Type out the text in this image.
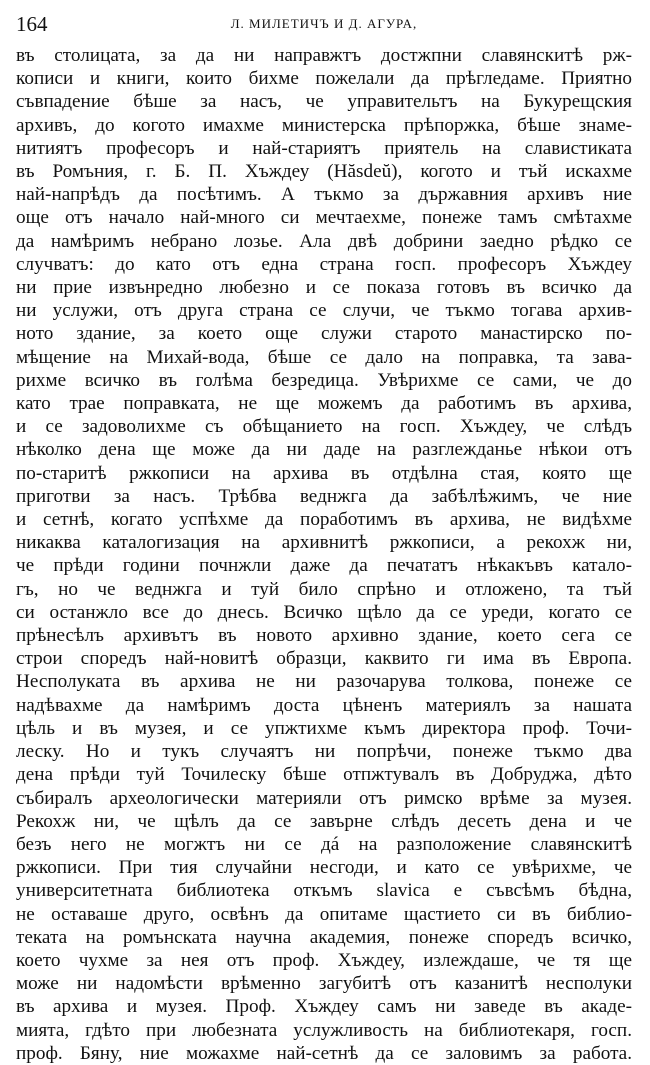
164	Л. МИЛЕТИЧЪ И Д. АГУРА,
въ столицата, за да ни направжтъ достжпни славянскитѣ рж-
кописи и книги, които бихме пожелали да прѣгледаме. Приятно
съвпадение бѣше за насъ, че управительтъ на Букурещския
архивъ, до когото имахме министерска прѣпоржка, бѣше знаме-
нитиятъ професоръ и най-стариятъ приятель на славистиката
въ Ромъния, г. Б. П. Хъждеу (Hăsdeŭ), когото и тъй искахме
най-напрѣдъ да посѣтимъ. А тъкмо за държавния архивъ ние
още отъ начало най-много си мечтаехме, понеже тамъ смѣтахме
да намѣримъ небрано лозье. Ала двѣ добрини заедно рѣдко се
случватъ: до като отъ една страна госп. професоръ Хъждеу
ни прие извънредно любезно и се показа готовъ въ всичко да
ни услужи, отъ друга страна се случи, че тъкмо тогава архив-
ното здание, за което още служи старото манастирско по-
мѣщение на Михай-вода, бѣше се дало на поправка, та зава-
рихме всичко въ голѣма безредица. Увѣрихме се сами, че до
като трае поправката, не ще можемъ да работимъ въ архива,
и се задоволихме съ обѣщанието на госп. Хъждеу, че слѣдъ
нѣколко дена ще може да ни даде на разглежданье нѣкои отъ
по-старитѣ ржкописи на архива въ отдѣлна стая, която ще
приготви за насъ. Трѣбва веднжга да забѣлѣжимъ, че ние
и сетнѣ, когато успѣхме да поработимъ въ архива, не видѣхме
никаква каталогизация на архивнитѣ ржкописи, а рекохж ни,
че прѣди години почнжли даже да печататъ нѣкакъвъ катало-
гъ, но че веднжга и туй било спрѣно и отложено, та тъй
си останжло все до днесь. Всичко щѣло да се уреди, когато се
прѣнесѣлъ архивътъ въ новото архивно здание, което сега се
строи споредъ най-новитѣ образци, каквито ги има въ Европа.
Несполуката въ архива не ни разочарува толкова, понеже се
надѣвахме да намѣримъ доста цѣненъ материялъ за нашата
цѣль и въ музея, и се упжтихме къмъ директора проф. Точи-
леску. Но и тукъ случаятъ ни попрѣчи, понеже тъкмо два
дена прѣди туй Точилеску бѣше отпжтувалъ въ Добруджа, дѣто
събиралъ археологически материяли отъ римско врѣме за музея.
Рекохж ни, че щѣлъ да се завърне слѣдъ десеть дена и че
безъ него не могжтъ ни се дá на разположение славянскитѣ
ржкописи. При тия случайни несгоди, и като се увѣрихме, че
университетната библиотека откъмъ slavica е съвсѣмъ бѣдна,
не оставаше друго, освѣнъ да опитаме щастието си въ библио-
теката на ромънската научна академия, понеже споредъ всичко,
което чухме за нея отъ проф. Хъждеу, излеждаше, че тя ще
може ни надомѣсти врѣменно загубитѣ отъ казанитѣ несполуки
въ архива и музея. Проф. Хъждеу самъ ни заведе въ акаде-
мията, гдѣто при любезната услужливость на библиотекаря, госп.
проф. Бяну, ние можахме най-сетнѣ да се заловимъ за работа.
